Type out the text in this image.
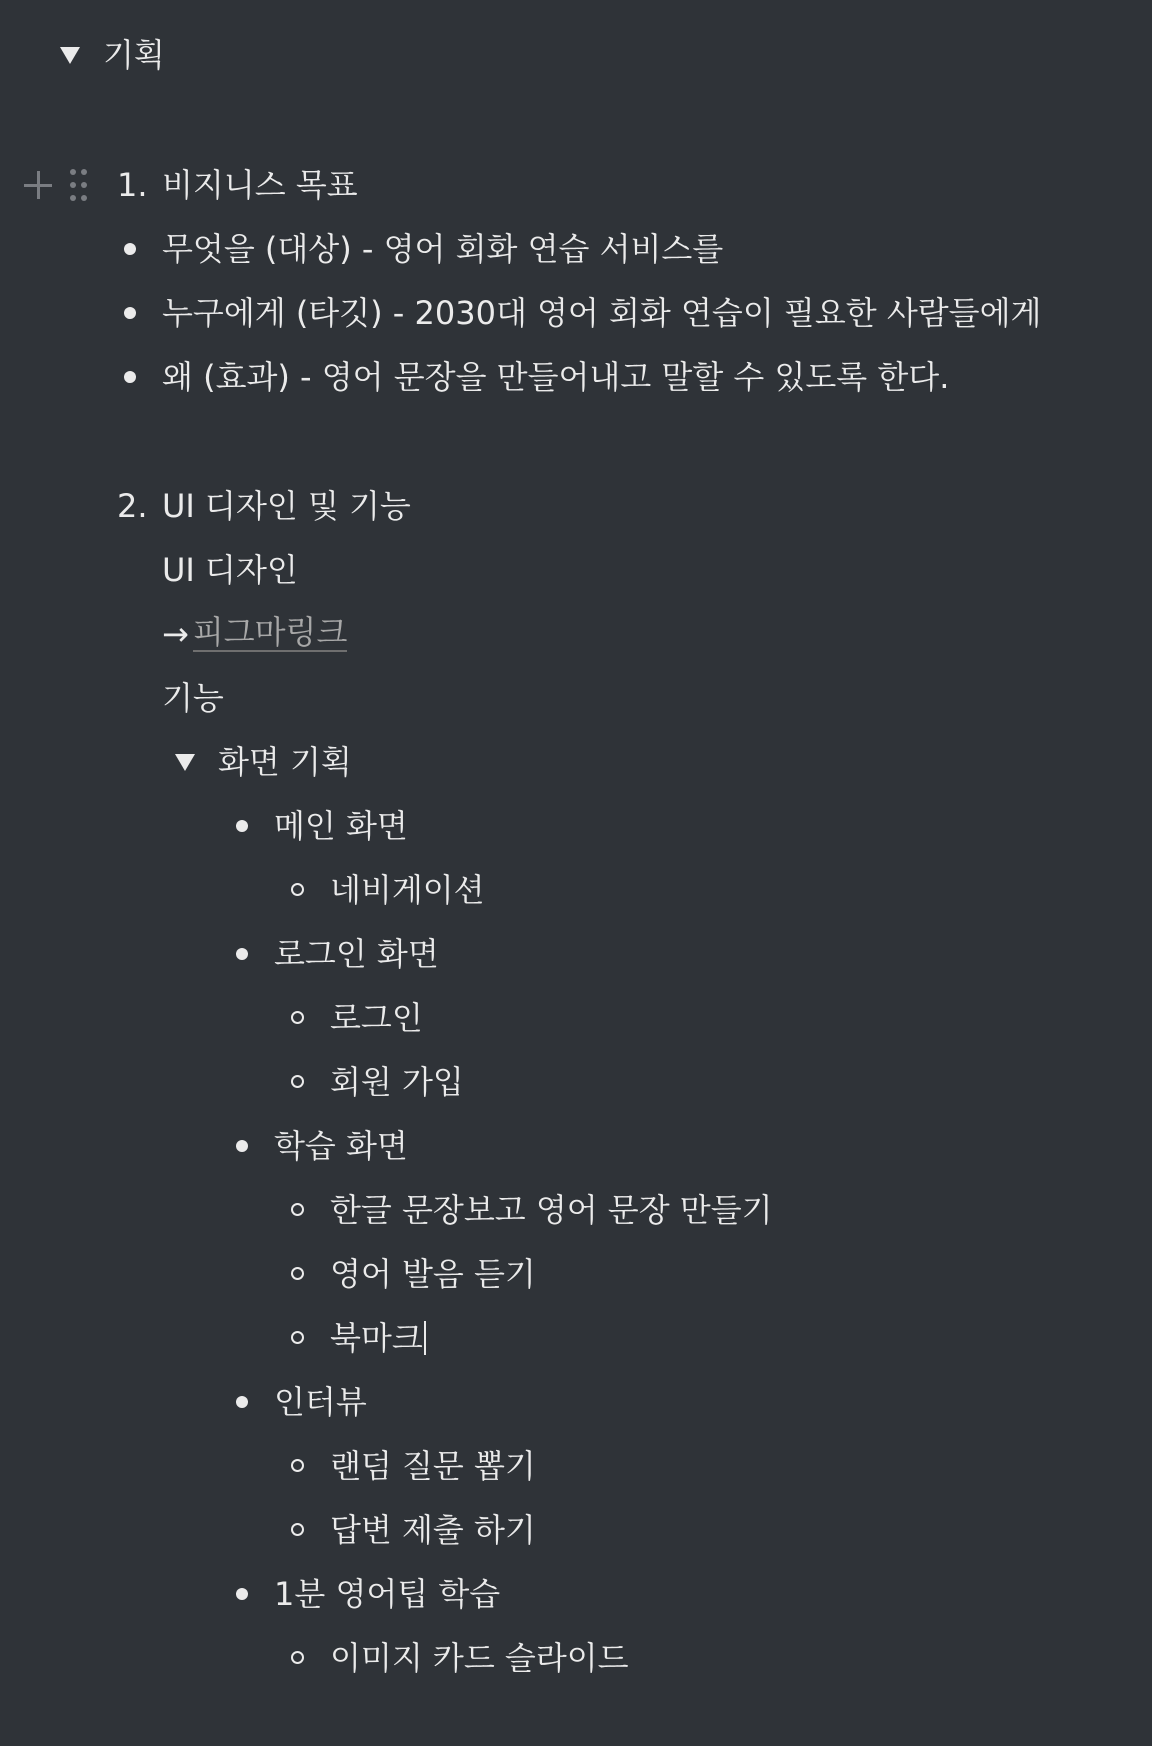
기획
1. 비지니스 목표
무엇을 (대상) - 영어 회화 연습 서비스를
누구에게 (타깃) - 2030대 영어 회화 연습이 필요한 사람들에게
왜 (효과) - 영어 문장을 만들어내고 말할 수 있도록 한다.
2. UI 디자인 및 기능
UI 디자인
→ 피그마링크
기능
화면 기획
메인 화면
네비게이션
로그인 화면
로그인
회원 가입
학습 화면
한글 문장보고 영어 문장 만들기
영어 발음 듣기
북마크
인터뷰
랜덤 질문 뽑기
답변 제출 하기
1분 영어팁 학습
이미지 카드 슬라이드
